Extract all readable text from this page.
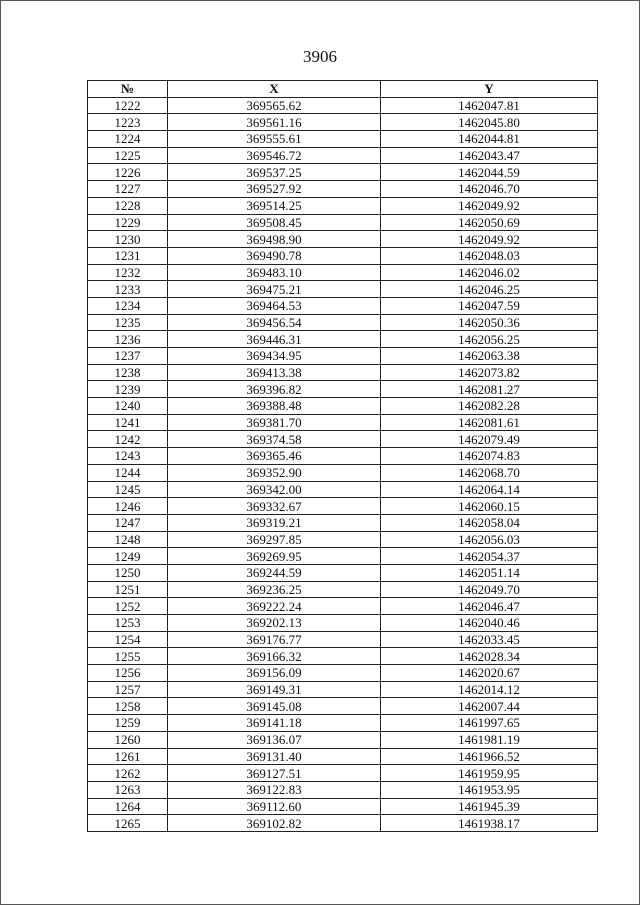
3906
№	X	Y
1222	369565.62	1462047.81
1223	369561.16	1462045.80
1224	369555.61	1462044.81
1225	369546.72	1462043.47
1226	369537.25	1462044.59
1227	369527.92	1462046.70
1228	369514.25	1462049.92
1229	369508.45	1462050.69
1230	369498.90	1462049.92
1231	369490.78	1462048.03
1232	369483.10	1462046.02
1233	369475.21	1462046.25
1234	369464.53	1462047.59
1235	369456.54	1462050.36
1236	369446.31	1462056.25
1237	369434.95	1462063.38
1238	369413.38	1462073.82
1239	369396.82	1462081.27
1240	369388.48	1462082.28
1241	369381.70	1462081.61
1242	369374.58	1462079.49
1243	369365.46	1462074.83
1244	369352.90	1462068.70
1245	369342.00	1462064.14
1246	369332.67	1462060.15
1247	369319.21	1462058.04
1248	369297.85	1462056.03
1249	369269.95	1462054.37
1250	369244.59	1462051.14
1251	369236.25	1462049.70
1252	369222.24	1462046.47
1253	369202.13	1462040.46
1254	369176.77	1462033.45
1255	369166.32	1462028.34
1256	369156.09	1462020.67
1257	369149.31	1462014.12
1258	369145.08	1462007.44
1259	369141.18	1461997.65
1260	369136.07	1461981.19
1261	369131.40	1461966.52
1262	369127.51	1461959.95
1263	369122.83	1461953.95
1264	369112.60	1461945.39
1265	369102.82	1461938.17
